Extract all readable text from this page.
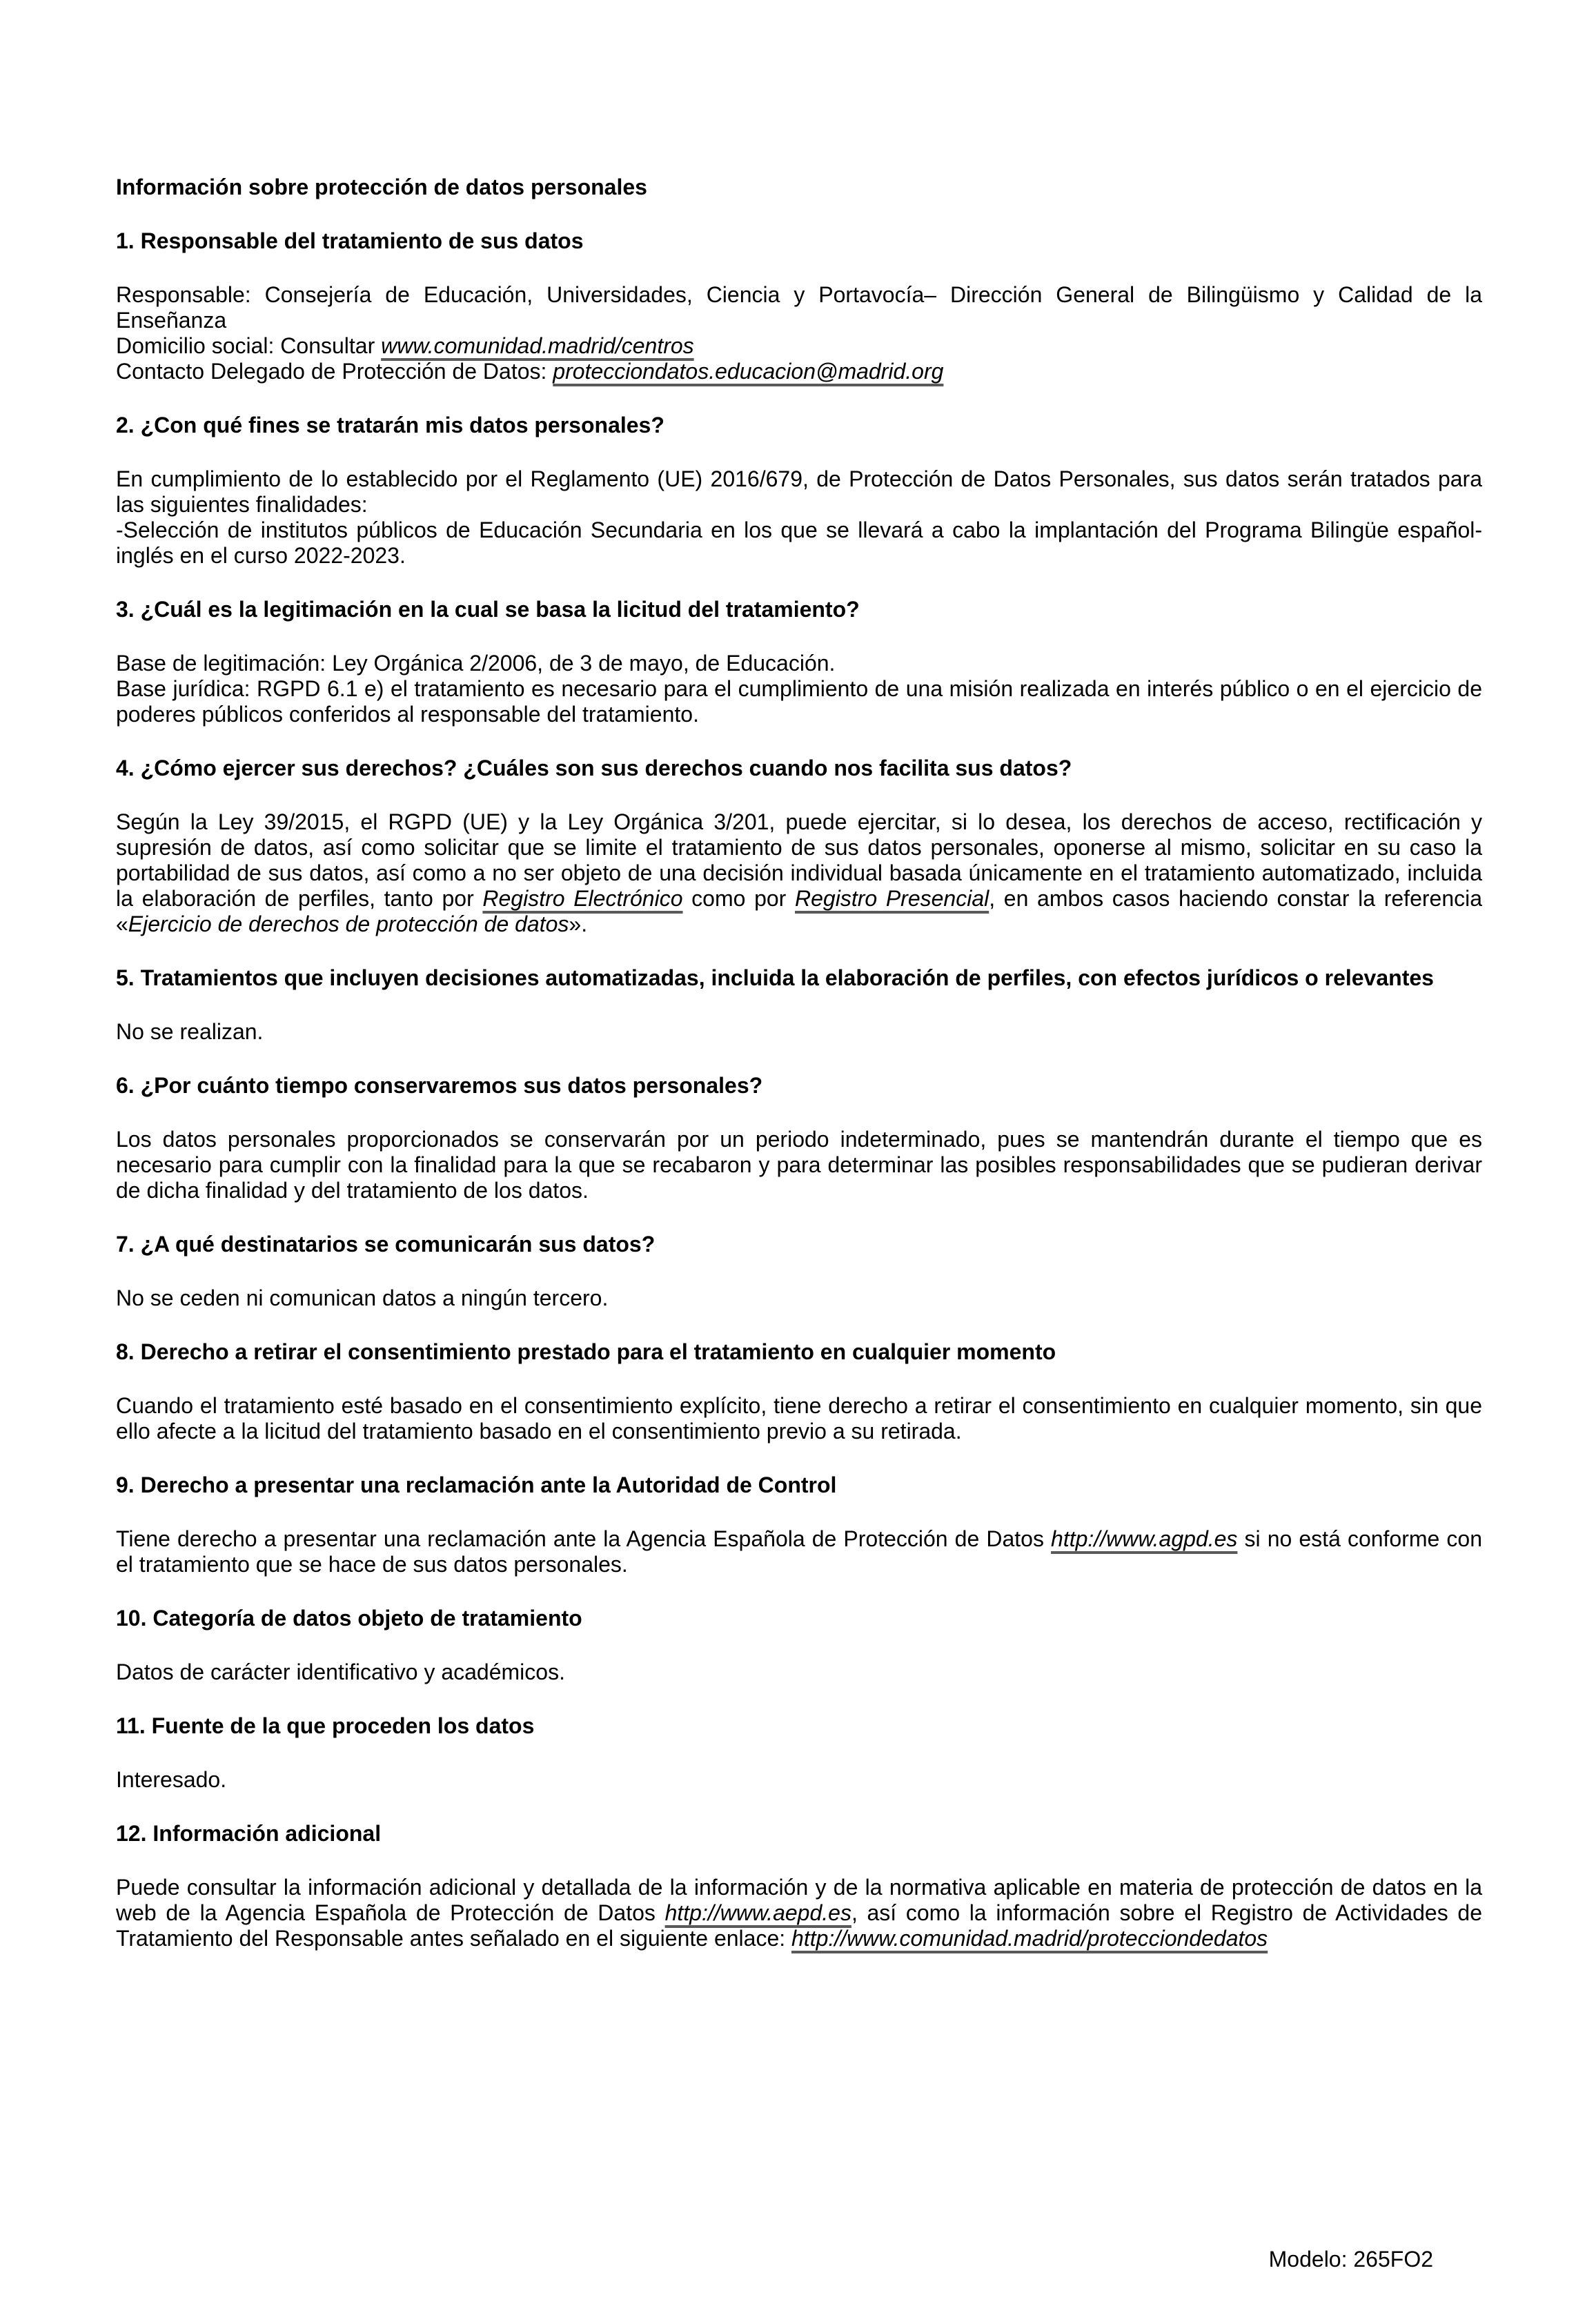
Información sobre protección de datos personales

1. Responsable del tratamiento de sus datos

Responsable: Consejería de Educación, Universidades, Ciencia y Portavocía– Dirección General de Bilingüismo y Calidad de la Enseñanza

Domicilio social: Consultar www.comunidad.madrid/centros

Contacto Delegado de Protección de Datos: protecciondatos.educacion@madrid.org

2. ¿Con qué fines se tratarán mis datos personales?

En cumplimiento de lo establecido por el Reglamento (UE) 2016/679, de Protección de Datos Personales, sus datos serán tratados para las siguientes finalidades:

-Selección de institutos públicos de Educación Secundaria en los que se llevará a cabo la implantación del Programa Bilingüe español-inglés en el curso 2022-2023.

3. ¿Cuál es la legitimación en la cual se basa la licitud del tratamiento?

Base de legitimación: Ley Orgánica 2/2006, de 3 de mayo, de Educación.

Base jurídica: RGPD 6.1 e) el tratamiento es necesario para el cumplimiento de una misión realizada en interés público o en el ejercicio de poderes públicos conferidos al responsable del tratamiento.

4. ¿Cómo ejercer sus derechos? ¿Cuáles son sus derechos cuando nos facilita sus datos?

Según la Ley 39/2015, el RGPD (UE) y la Ley Orgánica 3/201, puede ejercitar, si lo desea, los derechos de acceso, rectificación y supresión de datos, así como solicitar que se limite el tratamiento de sus datos personales, oponerse al mismo, solicitar en su caso la portabilidad de sus datos, así como a no ser objeto de una decisión individual basada únicamente en el tratamiento automatizado, incluida la elaboración de perfiles, tanto por Registro Electrónico como por Registro Presencial, en ambos casos haciendo constar la referencia «Ejercicio de derechos de protección de datos».

5. Tratamientos que incluyen decisiones automatizadas, incluida la elaboración de perfiles, con efectos jurídicos o relevantes

No se realizan.

6. ¿Por cuánto tiempo conservaremos sus datos personales?

Los datos personales proporcionados se conservarán por un periodo indeterminado, pues se mantendrán durante el tiempo que es necesario para cumplir con la finalidad para la que se recabaron y para determinar las posibles responsabilidades que se pudieran derivar de dicha finalidad y del tratamiento de los datos.

7. ¿A qué destinatarios se comunicarán sus datos?

No se ceden ni comunican datos a ningún tercero.

8. Derecho a retirar el consentimiento prestado para el tratamiento en cualquier momento

Cuando el tratamiento esté basado en el consentimiento explícito, tiene derecho a retirar el consentimiento en cualquier momento, sin que ello afecte a la licitud del tratamiento basado en el consentimiento previo a su retirada.

9. Derecho a presentar una reclamación ante la Autoridad de Control

Tiene derecho a presentar una reclamación ante la Agencia Española de Protección de Datos http://www.agpd.es si no está conforme con el tratamiento que se hace de sus datos personales.

10. Categoría de datos objeto de tratamiento

Datos de carácter identificativo y académicos.

11. Fuente de la que proceden los datos

Interesado.

12. Información adicional

Puede consultar la información adicional y detallada de la información y de la normativa aplicable en materia de protección de datos en la web de la Agencia Española de Protección de Datos http://www.aepd.es, así como la información sobre el Registro de Actividades de Tratamiento del Responsable antes señalado en el siguiente enlace: http://www.comunidad.madrid/protecciondedatos

Modelo: 265FO2
